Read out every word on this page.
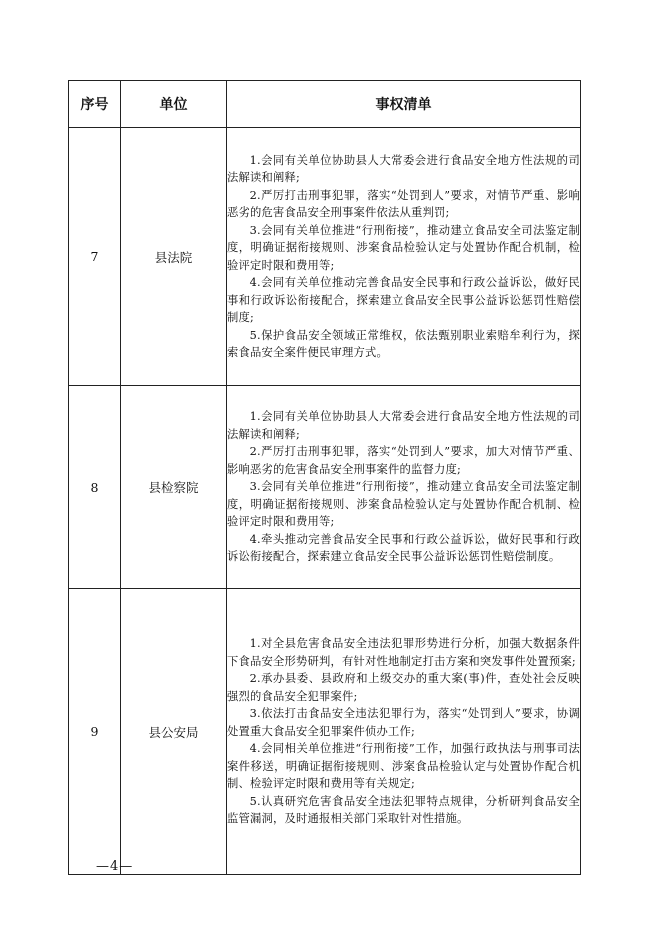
序号	单位	事权清单
7	县法院	1.会同有关单位协助县人大常委会进行食品安全地方性法规的司法解读和阐释;
2.严厉打击刑事犯罪，落实“处罚到人”要求，对情节严重、影响恶劣的危害食品安全刑事案件依法从重判罚;
3.会同有关单位推进“行刑衔接”，推动建立食品安全司法鉴定制度，明确证据衔接规则、涉案食品检验认定与处置协作配合机制，检验评定时限和费用等;
4.会同有关单位推动完善食品安全民事和行政公益诉讼，做好民事和行政诉讼衔接配合，探索建立食品安全民事公益诉讼惩罚性赔偿制度;
5.保护食品安全领域正常维权，依法甄别职业索赔牟利行为，探索食品安全案件便民审理方式。

8	县检察院	1.会同有关单位协助县人大常委会进行食品安全地方性法规的司法解读和阐释;
2.严厉打击刑事犯罪，落实“处罚到人”要求，加大对情节严重、影响恶劣的危害食品安全刑事案件的监督力度;
3.会同有关单位推进“行刑衔接”，推动建立食品安全司法鉴定制度，明确证据衔接规则、涉案食品检验认定与处置协作配合机制、检验评定时限和费用等;
4.牵头推动完善食品安全民事和行政公益诉讼，做好民事和行政诉讼衔接配合，探索建立食品安全民事公益诉讼惩罚性赔偿制度。

9	县公安局	1.对全县危害食品安全违法犯罪形势进行分析，加强大数据条件下食品安全形势研判，有针对性地制定打击方案和突发事件处置预案;
2.承办县委、县政府和上级交办的重大案(事)件，查处社会反映强烈的食品安全犯罪案件;
3.依法打击食品安全违法犯罪行为，落实“处罚到人”要求，协调处置重大食品安全犯罪案件侦办工作;
4.会同相关单位推进“行刑衔接”工作，加强行政执法与刑事司法案件移送，明确证据衔接规则、涉案食品检验认定与处置协作配合机制、检验评定时限和费用等有关规定;
5.认真研究危害食品安全违法犯罪特点规律，分析研判食品安全监管漏洞，及时通报相关部门采取针对性措施。
—4—
